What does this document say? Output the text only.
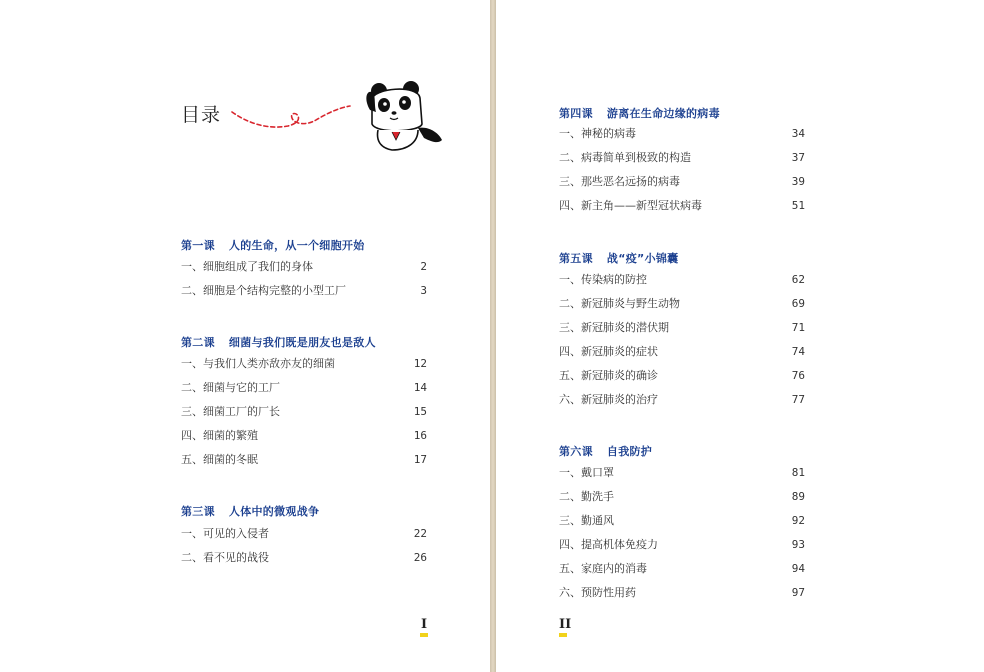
目录
第一课 人的生命，从一个细胞开始
一、细胞组成了我们的身体	2
二、细胞是个结构完整的小型工厂	3
第二课 细菌与我们既是朋友也是敌人
一、与我们人类亦敌亦友的细菌	12
二、细菌与它的工厂	14
三、细菌工厂的厂长	15
四、细菌的繁殖	16
五、细菌的冬眠	17
第三课 人体中的微观战争
一、可见的入侵者	22
二、看不见的战役	26
I
第四课 游离在生命边缘的病毒
一、神秘的病毒	34
二、病毒简单到极致的构造	37
三、那些恶名远扬的病毒	39
四、新主角——新型冠状病毒	51
第五课 战“疫”小锦囊
一、传染病的防控	62
二、新冠肺炎与野生动物	69
三、新冠肺炎的潜伏期	71
四、新冠肺炎的症状	74
五、新冠肺炎的确诊	76
六、新冠肺炎的治疗	77
第六课 自我防护
一、戴口罩	81
二、勤洗手	89
三、勤通风	92
四、提高机体免疫力	93
五、家庭内的消毒	94
六、预防性用药	97
II
